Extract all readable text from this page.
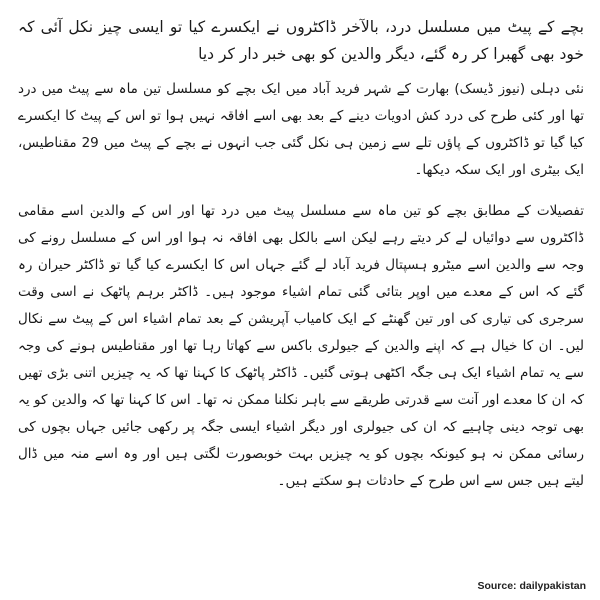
بچے کے پیٹ میں مسلسل درد، بالآخر ڈاکٹروں نے ایکسرے کیا تو ایسی چیز نکل آئی کہ خود بھی گھبرا کر رہ گئے، دیگر والدین کو بھی خبر دار کر دیا

نئی دہلی (نیوز ڈیسک) بھارت کے شہر فرید آباد میں ایک بچے کو مسلسل تین ماہ سے پیٹ میں درد تھا اور کئی طرح کی درد کش ادویات دینے کے بعد بھی اسے افاقہ نہیں ہوا تو اس کے پیٹ کا ایکسرے کیا گیا تو ڈاکٹروں کے پاؤں تلے سے زمین ہی نکل گئی جب انہوں نے بچے کے پیٹ میں 29 مقناطیس، ایک بیٹری اور ایک سکہ دیکھا۔

تفصیلات کے مطابق بچے کو تین ماہ سے مسلسل پیٹ میں درد تھا اور اس کے والدین اسے مقامی ڈاکٹروں سے دوائیاں لے کر دیتے رہے لیکن اسے بالکل بھی افاقہ نہ ہوا اور اس کے مسلسل رونے کی وجہ سے والدین اسے میٹرو ہسپتال فرید آباد لے گئے جہاں اس کا ایکسرے کیا گیا تو ڈاکٹر حیران رہ گئے کہ اس کے معدے میں اوپر بتائی گئی تمام اشیاء موجود ہیں۔ ڈاکٹر برہم پاٹھک نے اسی وقت سرجری کی تیاری کی اور تین گھنٹے کے ایک کامیاب آپریشن کے بعد تمام اشیاء اس کے پیٹ سے نکال لیں۔ ان کا خیال ہے کہ اپنے والدین کے جیولری باکس سے کھاتا رہا تھا اور مقناطیس ہونے کی وجہ سے یہ تمام اشیاء ایک ہی جگہ اکٹھی ہوتی گئیں۔ ڈاکٹر پاٹھک کا کہنا تھا کہ یہ چیزیں اتنی بڑی تھیں کہ ان کا معدے اور آنت سے قدرتی طریقے سے باہر نکلنا ممکن نہ تھا۔ اس کا کہنا تھا کہ والدین کو یہ بھی توجہ دینی چاہیے کہ ان کی جیولری اور دیگر اشیاء ایسی جگہ پر رکھی جائیں جہاں بچوں کی رسائی ممکن نہ ہو کیونکہ بچوں کو یہ چیزیں بہت خوبصورت لگتی ہیں اور وہ اسے منہ میں ڈال لیتے ہیں جس سے اس طرح کے حادثات ہو سکتے ہیں۔

Source: dailypakistan
